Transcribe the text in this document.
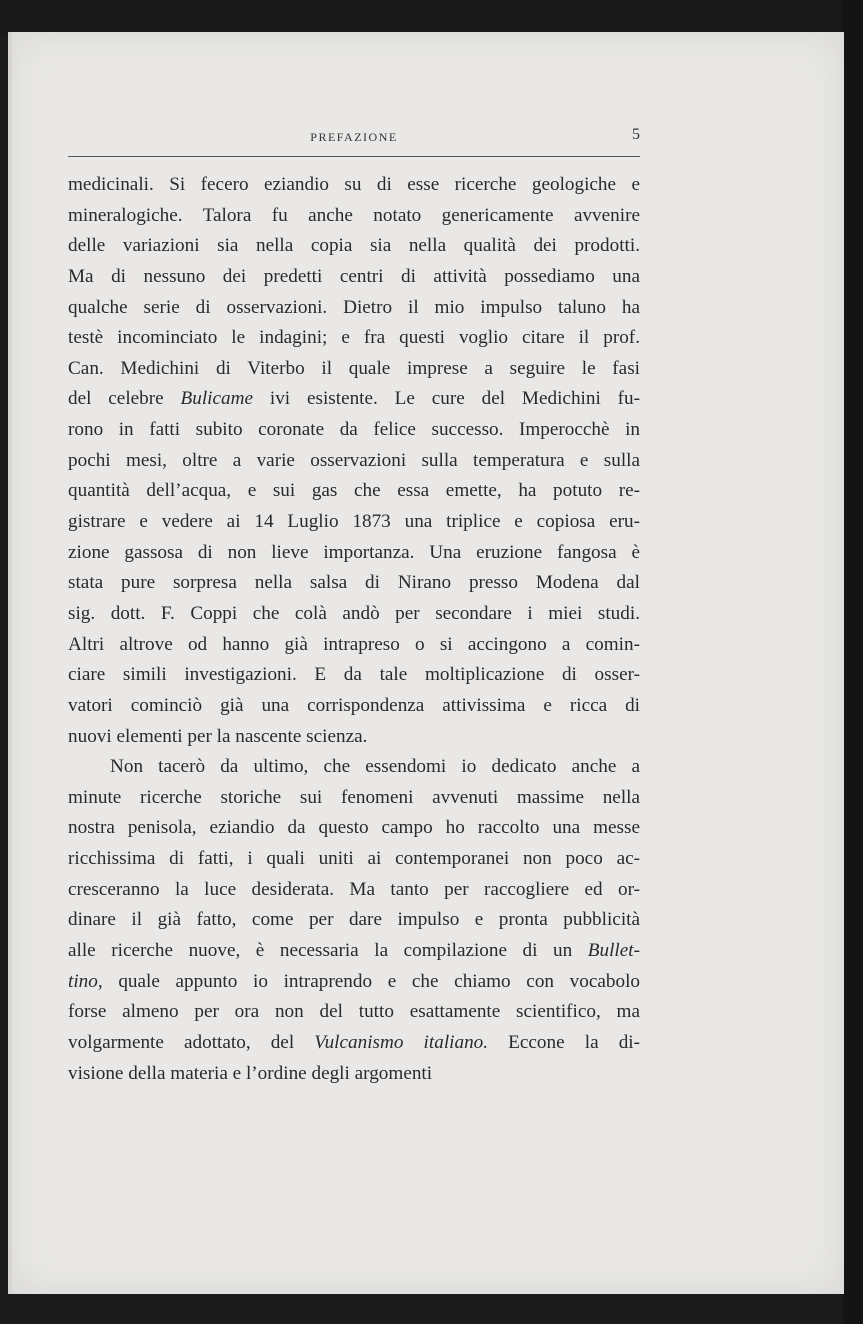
PREFAZIONE	5
medicinali. Si fecero eziandio su di esse ricerche geologiche e
mineralogiche. Talora fu anche notato genericamente avvenire
delle variazioni sia nella copia sia nella qualità dei prodotti.
Ma di nessuno dei predetti centri di attività possediamo una
qualche serie di osservazioni. Dietro il mio impulso taluno ha
testè incominciato le indagini; e fra questi voglio citare il prof.
Can. Medichini di Viterbo il quale imprese a seguire le fasi
del celebre Bulicame ivi esistente. Le cure del Medichini fu-
rono in fatti subito coronate da felice successo. Imperocchè in
pochi mesi, oltre a varie osservazioni sulla temperatura e sulla
quantità dell’acqua, e sui gas che essa emette, ha potuto re-
gistrare e vedere ai 14 Luglio 1873 una triplice e copiosa eru-
zione gassosa di non lieve importanza. Una eruzione fangosa è
stata pure sorpresa nella salsa di Nirano presso Modena dal
sig. dott. F. Coppi che colà andò per secondare i miei studi.
Altri altrove od hanno già intrapreso o si accingono a comin-
ciare simili investigazioni. E da tale moltiplicazione di osser-
vatori cominciò già una corrispondenza attivissima e ricca di
nuovi elementi per la nascente scienza.
Non tacerò da ultimo, che essendomi io dedicato anche a
minute ricerche storiche sui fenomeni avvenuti massime nella
nostra penisola, eziandio da questo campo ho raccolto una messe
ricchissima di fatti, i quali uniti ai contemporanei non poco ac-
cresceranno la luce desiderata. Ma tanto per raccogliere ed or-
dinare il già fatto, come per dare impulso e pronta pubblicità
alle ricerche nuove, è necessaria la compilazione di un Bullet-
tino, quale appunto io intraprendo e che chiamo con vocabolo
forse almeno per ora non del tutto esattamente scientifico, ma
volgarmente adottato, del Vulcanismo italiano. Eccone la di-
visione della materia e l’ordine degli argomenti
